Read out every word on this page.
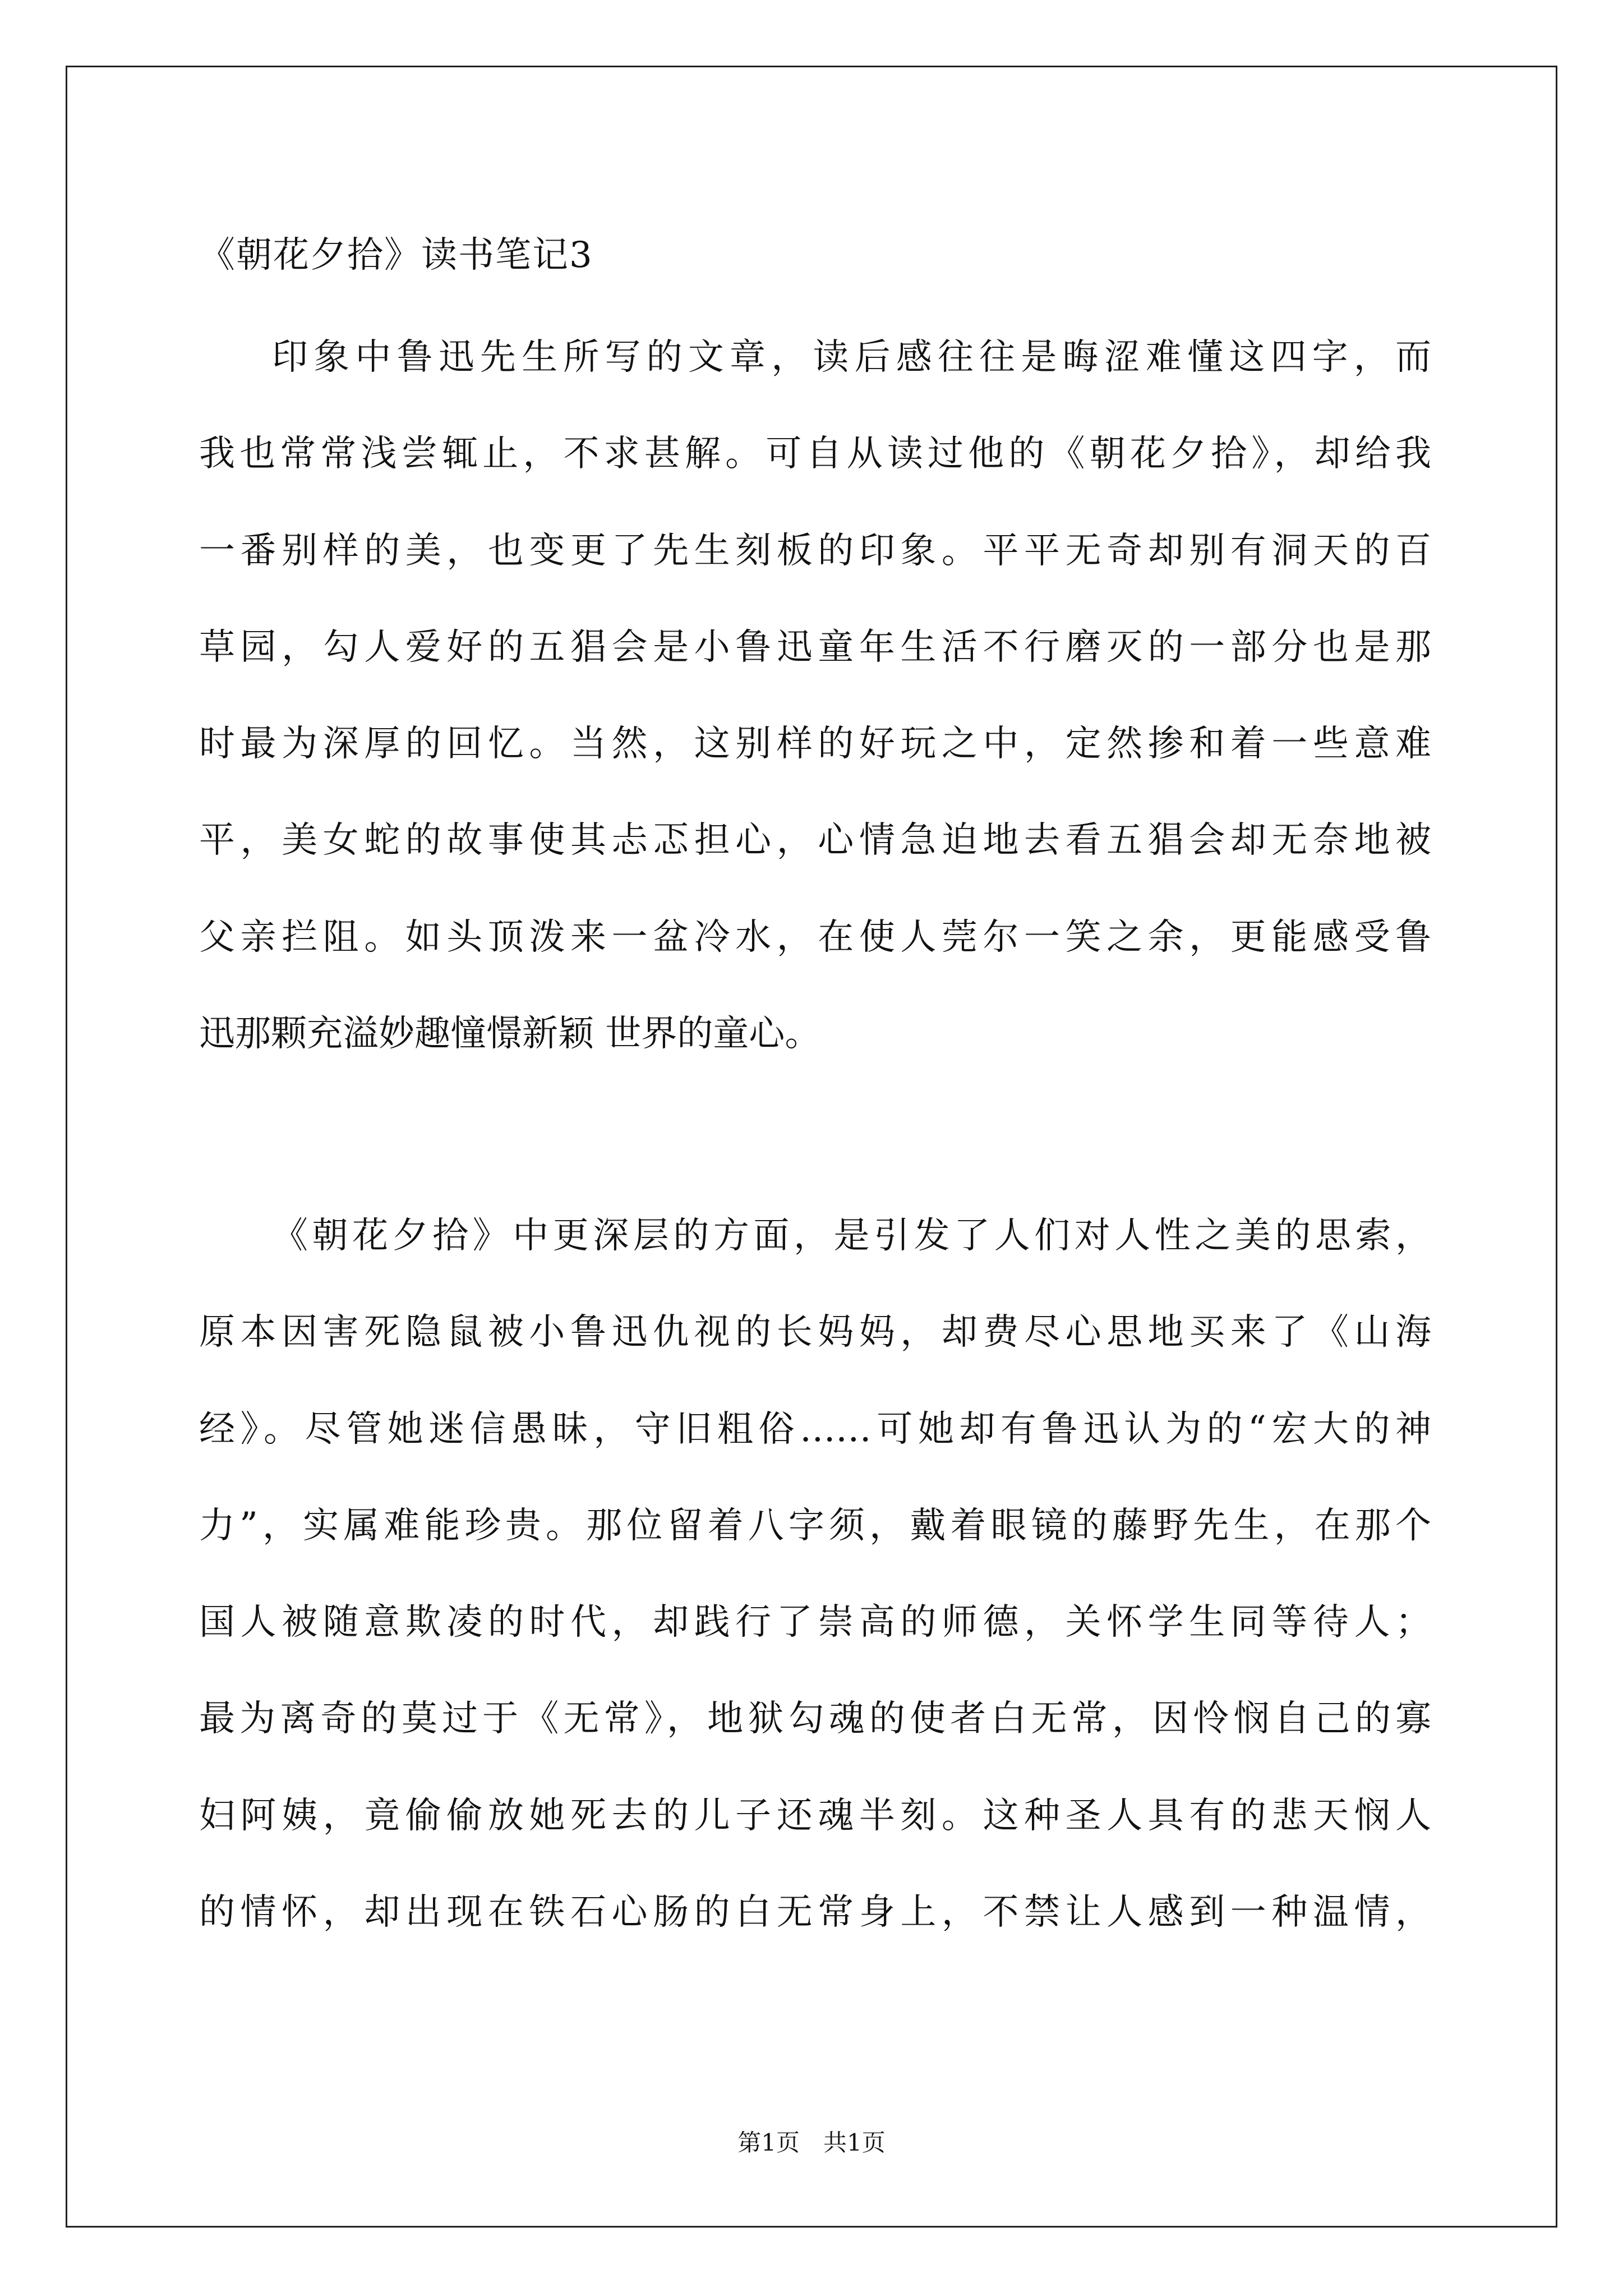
《朝花夕拾》读书笔记3
印象中鲁迅先生所写的文章，读后感往往是晦涩难懂这四字，而
我也常常浅尝辄止，不求甚解。可自从读过他的《朝花夕拾》，却给我
一番别样的美，也变更了先生刻板的印象。平平无奇却别有洞天的百
草园，勾人爱好的五猖会是小鲁迅童年生活不行磨灭的一部分也是那
时最为深厚的回忆。当然，这别样的好玩之中，定然掺和着一些意难
平，美女蛇的故事使其忐忑担心，心情急迫地去看五猖会却无奈地被
父亲拦阻。如头顶泼来一盆冷水，在使人莞尔一笑之余，更能感受鲁
迅那颗充溢妙趣憧憬新颖 世界的童心。
《朝花夕拾》中更深层的方面，是引发了人们对人性之美的思索，
原本因害死隐鼠被小鲁迅仇视的长妈妈，却费尽心思地买来了《山海
经》。尽管她迷信愚昧，守旧粗俗……可她却有鲁迅认为的“宏大的神
力”，实属难能珍贵。那位留着八字须，戴着眼镜的藤野先生，在那个
国人被随意欺凌的时代，却践行了崇高的师德，关怀学生同等待人；
最为离奇的莫过于《无常》，地狱勾魂的使者白无常，因怜悯自己的寡
妇阿姨，竟偷偷放她死去的儿子还魂半刻。这种圣人具有的悲天悯人
的情怀，却出现在铁石心肠的白无常身上，不禁让人感到一种温情，
第1页　共1页
